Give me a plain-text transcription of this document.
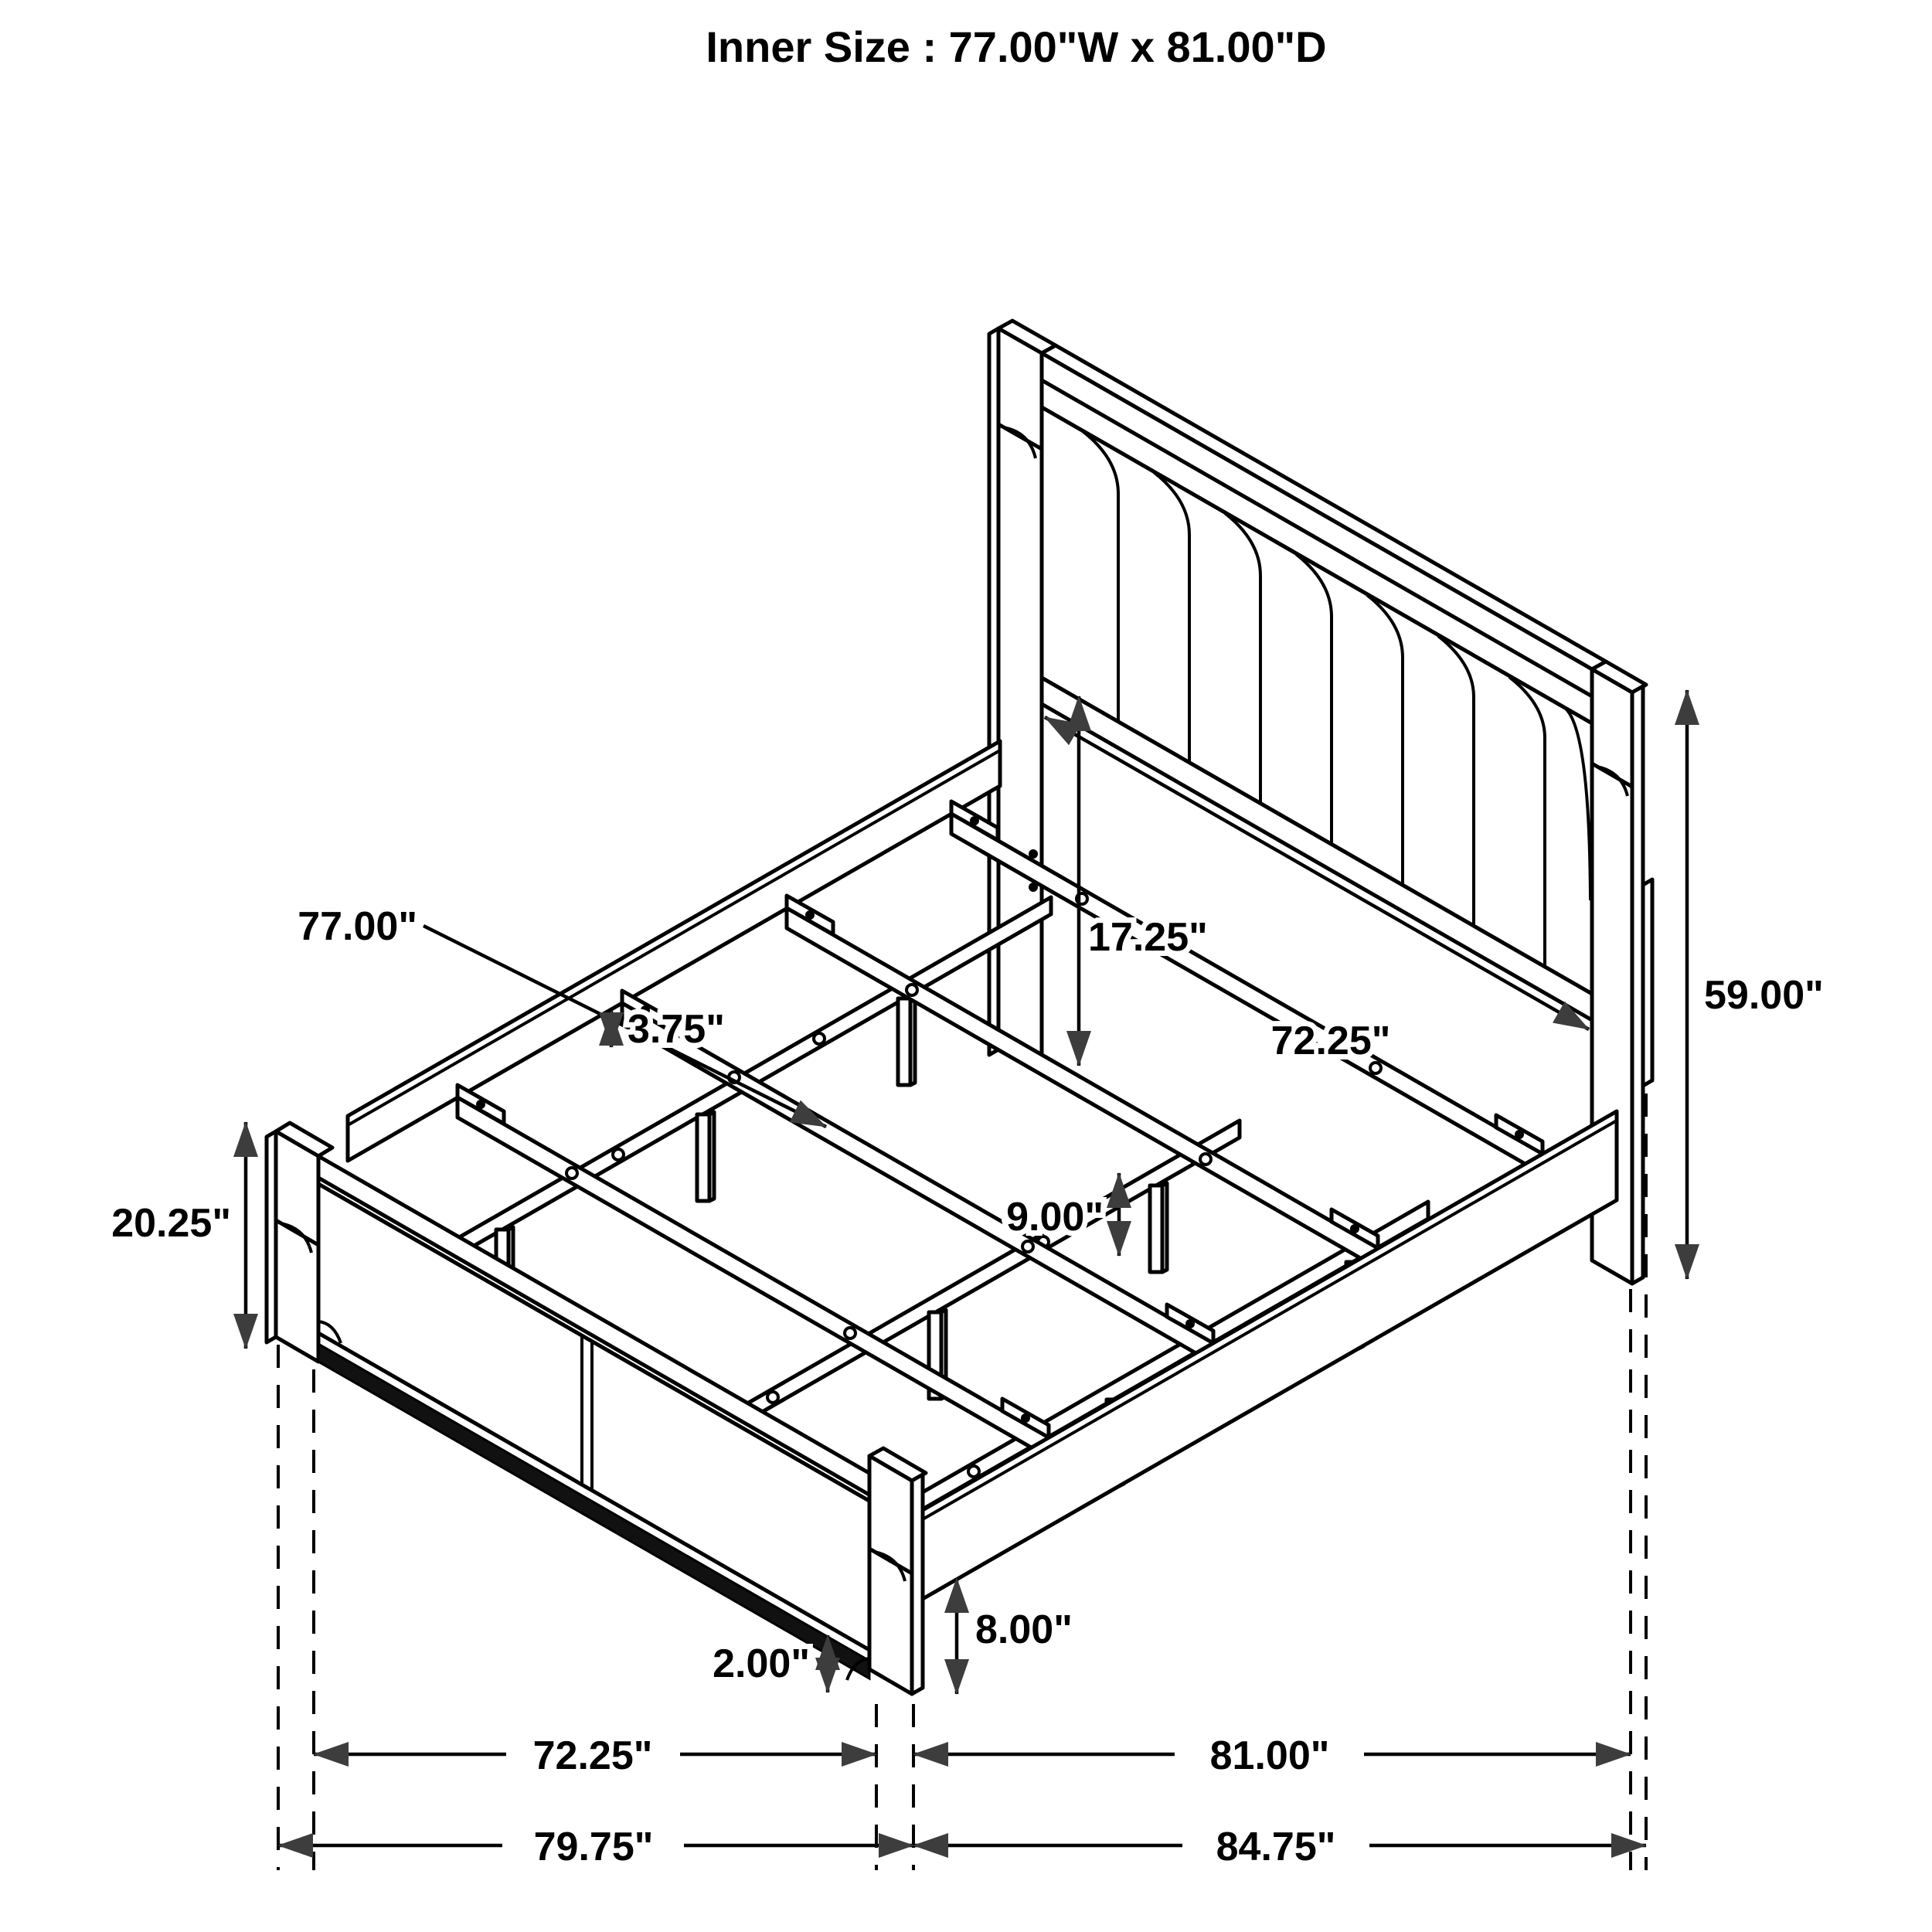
77.00"
3.75"
17.25"
72.25"
59.00"
20.25"	9.00"
8.00"
2.00"
72.25"	81.00"
79.75"	84.75"
Inner Size : 77.00"W x 81.00"D
